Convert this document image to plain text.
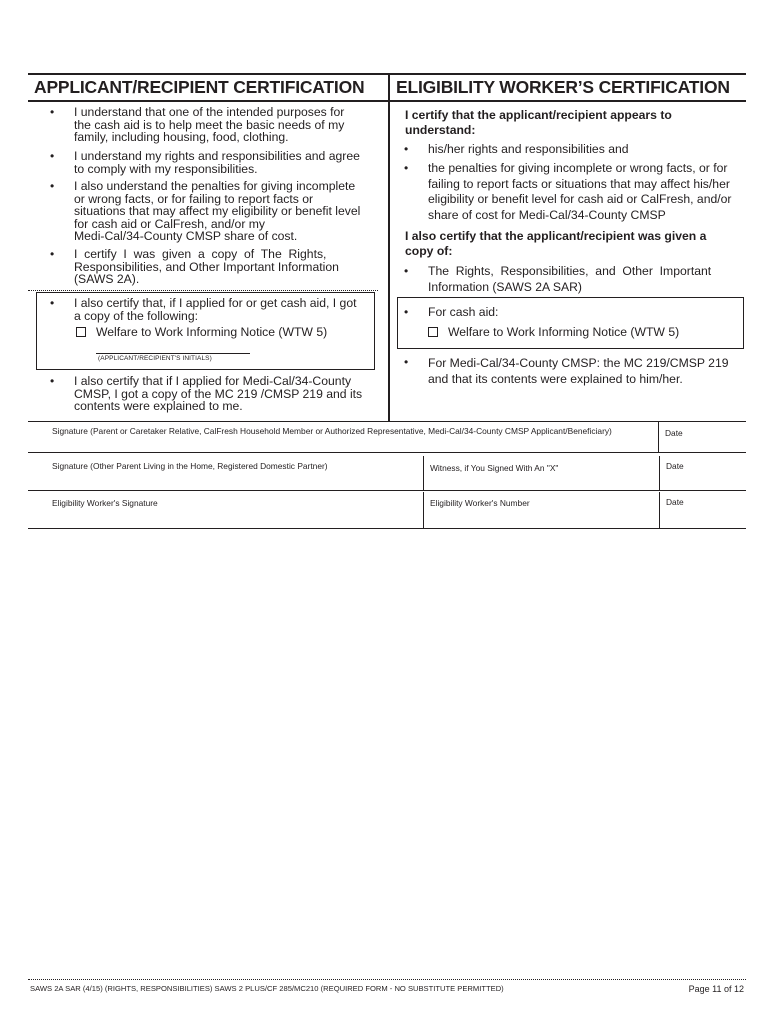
APPLICANT/RECIPIENT CERTIFICATION ELIGIBILITY WORKER’S CERTIFICATION
• I understand that one of the intended purposes for
the cash aid is to help meet the basic needs of my
family, including housing, food, clothing.
• I understand my rights and responsibilities and agree
to comply with my responsibilities.
• I also understand the penalties for giving incomplete
or wrong facts, or for failing to report facts or
situations that may affect my eligibility or benefit level
for cash aid or CalFresh, and/or my
Medi-Cal/34-County CMSP share of cost.
• I  certify  I  was  given  a  copy  of  The  Rights,
Responsibilities, and Other Important Information
(SAWS 2A).
• I also certify that, if I applied for or get cash aid, I got
a copy of the following:
Welfare to Work Informing Notice (WTW 5)
(APPLICANT/RECIPIENT'S INITIALS)
• I also certify that if I applied for Medi-Cal/34-County
CMSP, I got a copy of the MC 219 /CMSP 219 and its
contents were explained to me.
I certify that the applicant/recipient appears to
understand:
• his/her rights and responsibilities and
• the penalties for giving incomplete or wrong facts, or for
failing to report facts or situations that may affect his/her
eligibility or benefit level for cash aid or CalFresh, and/or
share of cost for Medi-Cal/34-County CMSP
I also certify that the applicant/recipient was given a
copy of:
• The  Rights,  Responsibilities,  and  Other  Important
Information (SAWS 2A SAR)
• For cash aid:
Welfare to Work Informing Notice (WTW 5)
• For Medi-Cal/34-County CMSP: the MC 219/CMSP 219
and that its contents were explained to him/her.
Signature (Parent or Caretaker Relative, CalFresh Household Member or Authorized Representative, Medi-Cal/34-County CMSP Applicant/Beneficiary)	Date
Signature (Other Parent Living in the Home, Registered Domestic Partner)	Witness, if You Signed With An "X"	Date
Eligibility Worker's Signature	Eligibility Worker's Number	Date
SAWS 2A SAR (4/15) (RIGHTS, RESPONSIBILITIES) SAWS 2 PLUS/CF 285/MC210 (REQUIRED FORM - NO SUBSTITUTE PERMITTED)	Page 11 of 12
